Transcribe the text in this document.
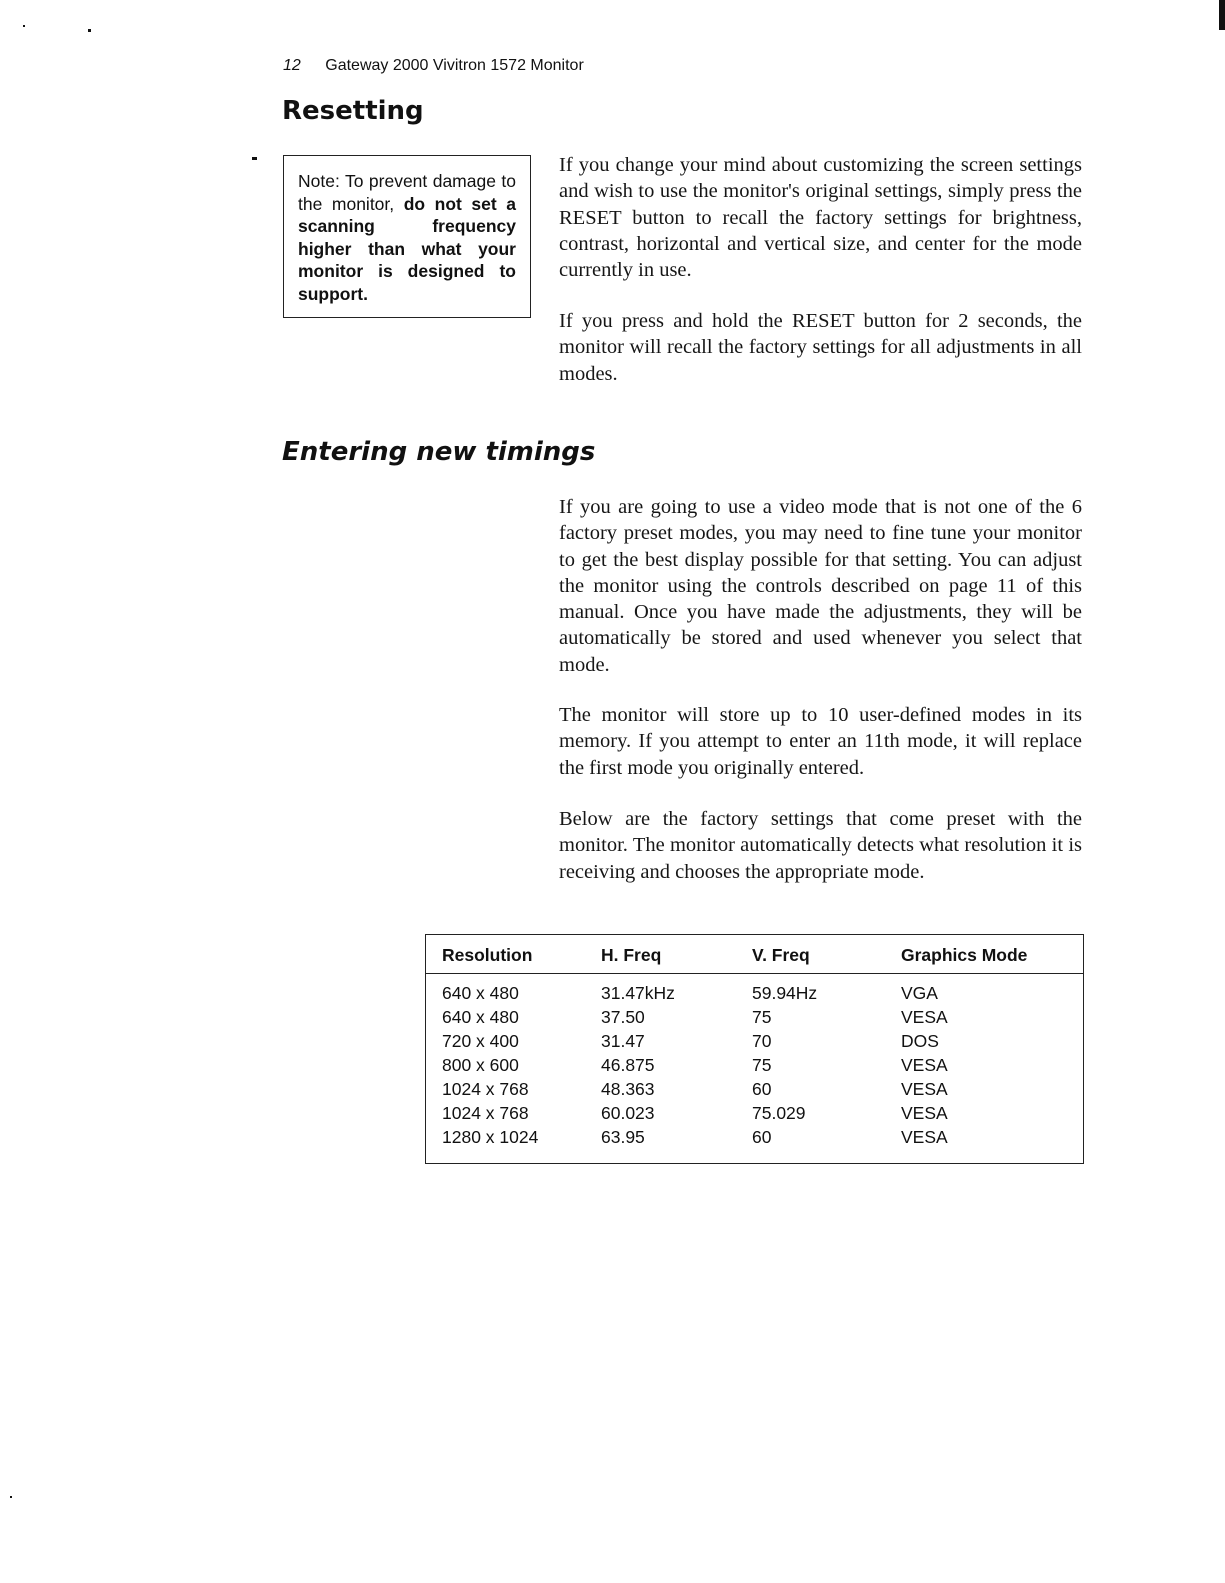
12 Gateway 2000 Vivitron 1572 Monitor
Resetting
Note: To prevent damage to the monitor, do not set a scanning frequency higher than what your monitor is designed to support.

If you change your mind about customizing the screen settings and wish to use the monitor's original settings, simply press the RESET button to recall the factory settings for brightness, contrast, horizontal and vertical size, and center for the mode currently in use.

If you press and hold the RESET button for 2 seconds, the monitor will recall the factory settings for all adjustments in all modes.

Entering new timings

If you are going to use a video mode that is not one of the 6 factory preset modes, you may need to fine tune your monitor to get the best display possible for that setting. You can adjust the monitor using the controls described on page 11 of this manual. Once you have made the adjustments, they will be automatically be stored and used whenever you select that mode.

The monitor will store up to 10 user-defined modes in its memory. If you attempt to enter an 11th mode, it will replace the first mode you originally entered.

Below are the factory settings that come preset with the monitor. The monitor automatically detects what resolution it is receiving and chooses the appropriate mode.

Resolution	H. Freq	V. Freq	Graphics Mode
640 x 480	31.47kHz	59.94Hz	VGA
640 x 480	37.50	75	VESA
720 x 400	31.47	70	DOS
800 x 600	46.875	75	VESA
1024 x 768	48.363	60	VESA
1024 x 768	60.023	75.029	VESA
1280 x 1024	63.95	60	VESA
